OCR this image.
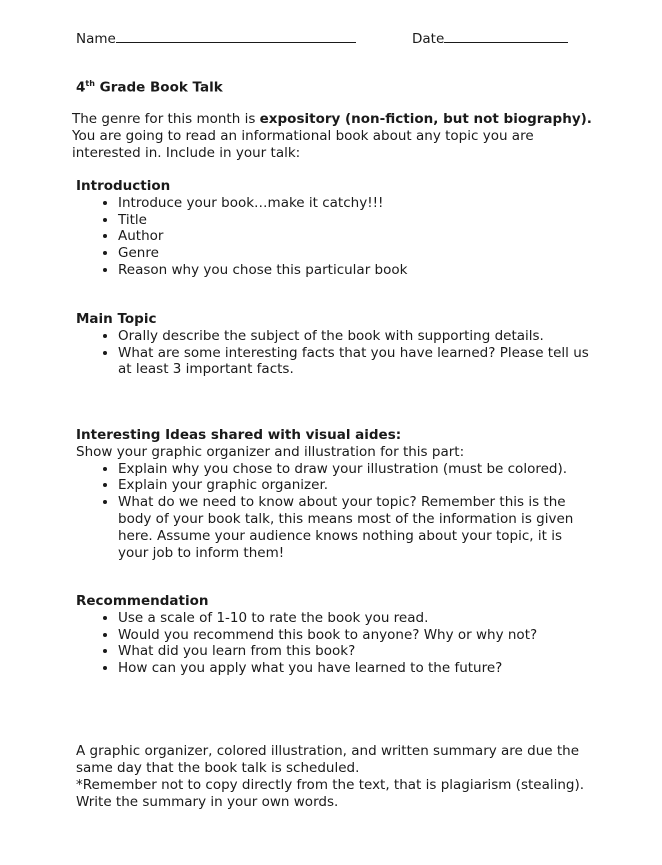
Name	Date
4th Grade Book Talk
The genre for this month is expository (non-fiction, but not biography). You are going to read an informational book about any topic you are interested in. Include in your talk:
Introduction
• Introduce your book…make it catchy!!!
• Title
• Author
• Genre
• Reason why you chose this particular book
Main Topic
• Orally describe the subject of the book with supporting details.
• What are some interesting facts that you have learned? Please tell us at least 3 important facts.
Interesting Ideas shared with visual aides:

Show your graphic organizer and illustration for this part:

• Explain why you chose to draw your illustration (must be colored).
• Explain your graphic organizer.
• What do we need to know about your topic? Remember this is the body of your book talk, this means most of the information is given here. Assume your audience knows nothing about your topic, it is your job to inform them!
Recommendation
• Use a scale of 1-10 to rate the book you read.
• Would you recommend this book to anyone? Why or why not?
• What did you learn from this book?
• How can you apply what you have learned to the future?
A graphic organizer, colored illustration, and written summary are due the same day that the book talk is scheduled.
*Remember not to copy directly from the text, that is plagiarism (stealing). Write the summary in your own words.
